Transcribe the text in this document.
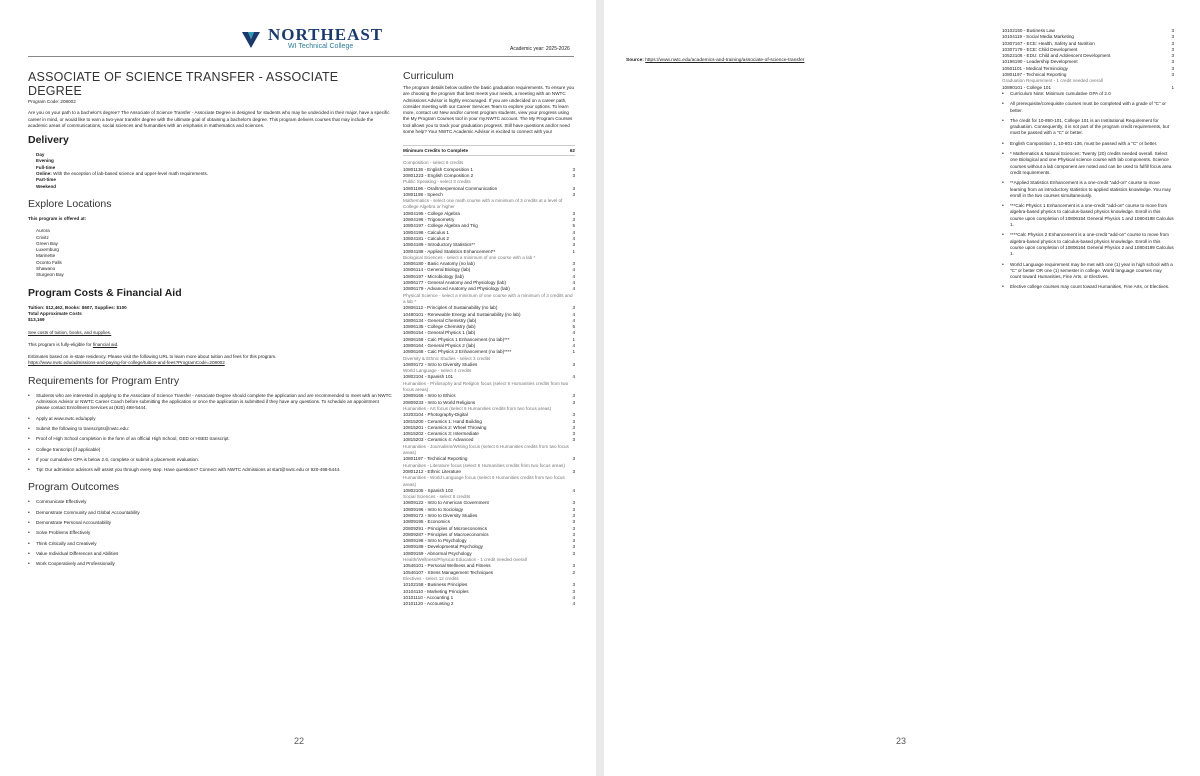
NORTHEAST
WI Technical College	Academic year: 2025-2026
ASSOCIATE OF SCIENCE TRANSFER - ASSOCIATE DEGREE
Program Code: 208002
Are you on your path to a bachelor's degree? The Associate of Science Transfer - Associate Degree is designed for students who may be undecided in their major, have a specific career in mind, or would like to earn a two-year transfer degree with the ultimate goal of obtaining a bachelor's degree. This program delivers courses that may include the academic areas of communications, social sciences and humanities with an emphasis in mathematics and sciences.
Delivery
Day
Evening
Full-time
Online: With the exception of lab-based science and upper-level math requirements.
Part-time
Weekend
Explore Locations
This program is offered at:
Aurora
Crivitz
Green Bay
Luxemburg
Marinette
Oconto Falls
Shawano
Sturgeon Bay
Program Costs & Financial Aid
Tuition: $12,462, Books: $607, Supplies: $100
Total Approximate Costs
$13,169
See costs of tuition, books, and supplies.
This program is fully-eligible for financial aid.
Estimates based on in-state residency. Please visit the following URL to learn more about tuition and fees for this program.
https://www.nwtc.edu/admissions-and-paying-for-college/tuition-and-fees?ProgramCode=208002
Requirements for Program Entry
• Students who are interested in applying to the Associate of Science Transfer - Associate Degree should complete the application and are recommended to meet with an NWTC Admission Advisor or NWTC Career Coach before submitting the application or once the application is submitted if they have any questions. To schedule an appointment please contact Enrollment Services at (920) 498-5444.
• Apply at www.nwtc.edu/apply
• Submit the following to transcripts@nwtc.edu:
• Proof of High School completion in the form of an official High School, GED or HSED transcript.
• College transcript (if applicable)
• If your cumulative GPA is below 2.6, complete or submit a placement evaluation.
• Tip! Our admission advisors will assist you through every step. Have questions? Connect with NWTC Admissions at start@nwtc.edu or 920-498-5444.
Program Outcomes
• Communicate Effectively
• Demonstrate Community and Global Accountability
• Demonstrate Personal Accountability
• Solve Problems Effectively
• Think Critically and Creatively
• Value Individual Differences and Abilities
• Work Cooperatively and Professionally
Curriculum
The program details below outline the basic graduation requirements. To ensure you are choosing the program that best meets your needs, a meeting with an NWTC Admissions Advisor is highly encouraged. If you are undecided on a career path, consider meeting with our Career Services Team to explore your options. To learn more, contact us! New and/or current program students, view your progress using the My Program Courses tool in your my.NWTC account. The My Program Courses tool allows you to track your graduation progress. Still have questions and/or need some help? Your NWTC Academic Advisor is excited to connect with you!
Minimum Credits to Complete	62
Composition - select 6 credits
10801136 - English Composition 1	3
20801223 - English Composition 2	3
Public Speaking - select 3 credits
10801196 - Oral/Interpersonal Communication	3
10801198 - Speech	3
Mathematics - select one math course with a minimum of 3 credits at a level of College Algebra or higher
10804195 - College Algebra	3
10804196 - Trigonometry	3
10804197 - College Algebra and Trig	5
10804198 - Calculus 1	4
10804181 - Calculus 2	4
10804189 - Introductory Statistics**	3
10804188 - Applied Statistics Enhancement**	1
Biological Sciences - select a minimum of one course with a lab *
10806180 - Basic Anatomy (no lab)	3
10806114 - General Biology (lab)	4
10806197 - Microbiology (lab)	4
10806177 - General Anatomy and Physiology (lab)	4
10806179 - Advanced Anatomy and Physiology (lab)	4
Physical Science - select a minimum of one course with a minimum of 3 credits and a lab *
10806112 - Principles of Sustainability (no lab)	3
10480101 - Renewable Energy and Sustainability (no lab)	4
10806134 - General Chemistry (lab)	4
10806135 - College Chemistry (lab)	5
10806154 - General Physics 1 (lab)	4
10806158 - Calc Physics 1 Enhancement (no lab)***	1
10806164 - General Physics 2 (lab)	4
10806168 - Calc Physics 2 Enhancement (no lab)****	1
Diversity & Ethnic Studies - select 3 credits
10809172 - Intro to Diversity Studies	3
World Language - select 4 credits
10802104 - Spanish 101	4
Humanities - Philosophy and Religion focus (select 6 Humanities credits from two focus areas)
10809166 - Intro to Ethics	3
20809233 - Intro to World Religions	3
Humanities - Art focus (select 6 Humanities credits from two focus areas)
10203104 - Photography-Digital	3
10815200 - Ceramics 1: Hand Building	3
10815201 - Ceramics 2: Wheel Throwing	3
10815202 - Ceramics 3: Intermediate	3
10815203 - Ceramics 4: Advanced	3
Humanities - Journalism/Writing focus (select 6 Humanities credits from two focus areas)
10801197 - Technical Reporting	3
Humanities - Literature focus (select 6 Humanities credits from two focus areas)
20801212 - Ethnic Literature	3
Humanities - World Language focus (select 6 Humanities credits from two focus areas)
10802105 - Spanish 102	4
Social Sciences - select 6 credits
10809122 - Intro to American Government	3
10809196 - Intro to Sociology	3
10809172 - Intro to Diversity Studies	3
10809195 - Economics	3
20809291 - Principles of Microeconomics	3
20809287 - Principles of Macroeconomics	3
10809198 - Intro to Psychology	3
10809188 - Developmental Psychology	3
10809159 - Abnormal Psychology	3
Health/Wellness/Physical Education - 1 credit needed overall
10546101 - Personal Wellness and Fitness	3
10546107 - Stress Management Techniques	2
Electives - select 12 credits
10102158 - Business Principles	3
10104110 - Marketing Principles	3
10101110 - Accounting 1	4
10101120 - Accounting 2	4
22
Source: https://www.nwtc.edu/academics-and-training/associate-of-science-transfer
10102150 - Business Law	3
10104119 - Social Media Marketing	3
10307167 - ECE: Health, Safety and Nutrition	3
10307179 - ECE: Child Development	3
10522106 - EDU: Child and Adolescent Development	3
10196190 - Leadership Development	3
10501101 - Medical Terminology	3
10801197 - Technical Reporting	3
Graduation Requirement - 1 credit needed overall
10890101 - College 101	1
• Curriculum Note: Minimum cumulative GPA of 2.0
• All prerequisite/corequisite courses must be completed with a grade of "C" or better.
• The credit for 10-890-101, College 101 is an Institutional Requirement for graduation. Consequently, it is not part of the program credit requirements, but must be passed with a "C" or better.
• English Composition 1, 10-801-136, must be passed with a "C" or better.
• * Mathematics & Natural Sciences: Twenty (20) credits needed overall. Select one Biological and one Physical science course with lab components. Science courses without a lab component are noted and can be used to fulfill focus area credit requirements.
• **Applied Statistics Enhancement is a one-credit "add-on" course to move learning from an introductory statistics to applied statistics knowledge. You may enroll in the two courses simultaneously.
• ***Calc Physics 1 Enhancement is a one-credit "add-on" course to move from algebra-based physics to calculus-based physics knowledge. Enroll in this course upon completion of 10806154 General Physics 1 and 10804198 Calculus 1.
• ****Calc Physics 2 Enhancement is a one-credit "add-on" course to move from algebra-based physics to calculus-based physics knowledge. Enroll in this course upon completion of 10806164 General Physics 2 and 10804199 Calculus 1.
• World Language requirement may be met with one (1) year in high school with a "C" or better OR one (1) semester in college. World language courses may count toward Humanities, Fine Arts, or Electives.
• Elective college courses may count toward Humanities, Fine Arts, or Electives.
23
